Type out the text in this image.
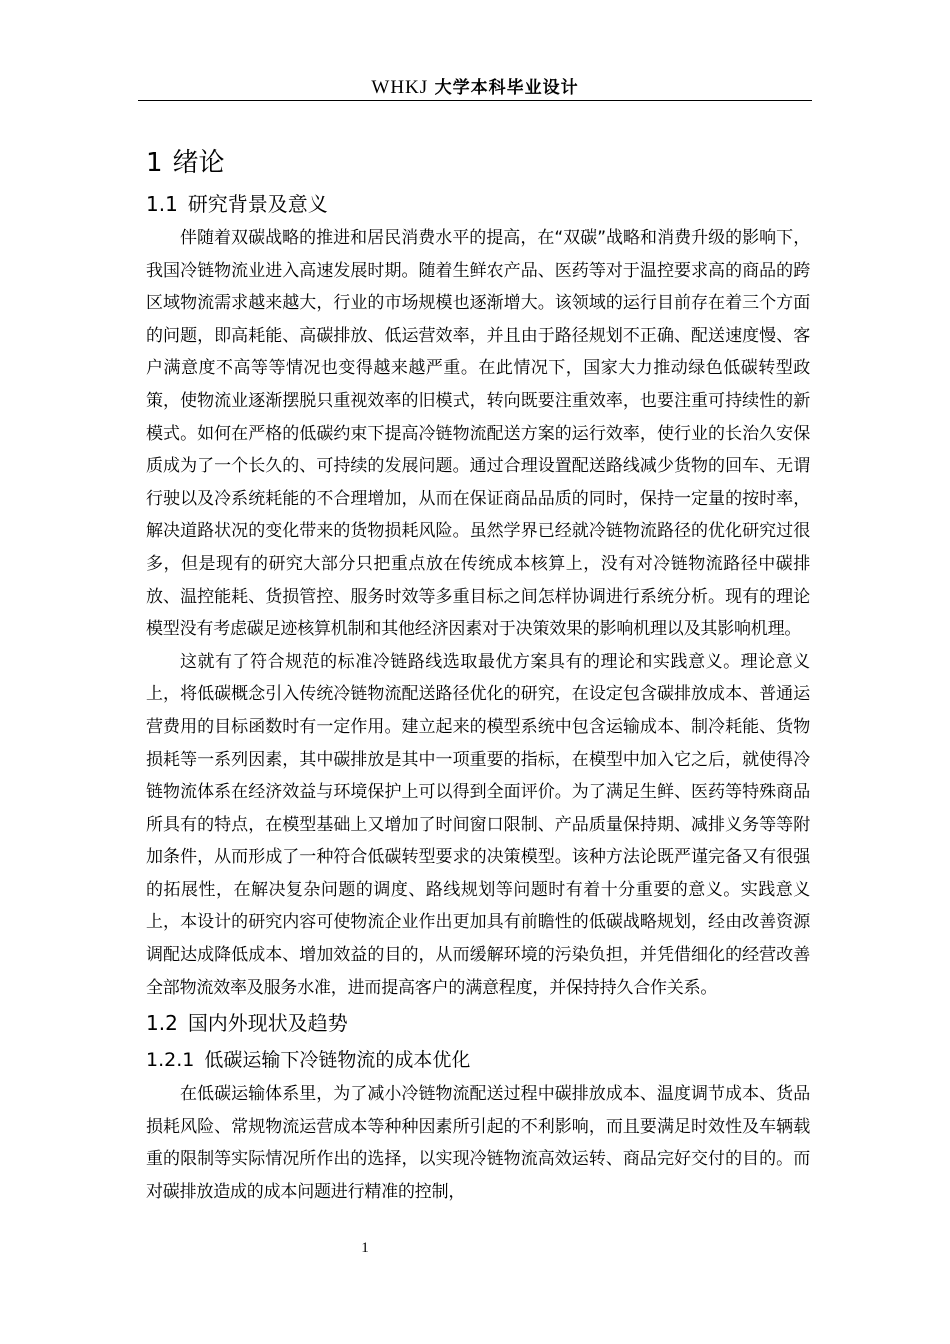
WHKJ 大学本科毕业设计
1 绪论
1.1 研究背景及意义

伴随着双碳战略的推进和居民消费水平的提高，在“双碳”战略和消费升级的影响下，我国冷链物流业进入高速发展时期。随着生鲜农产品、医药等对于温控要求高的商品的跨区域物流需求越来越大，行业的市场规模也逐渐增大。该领域的运行目前存在着三个方面的问题，即高耗能、高碳排放、低运营效率，并且由于路径规划不正确、配送速度慢、客户满意度不高等等情况也变得越来越严重。在此情况下，国家大力推动绿色低碳转型政策，使物流业逐渐摆脱只重视效率的旧模式，转向既要注重效率，也要注重可持续性的新模式。如何在严格的低碳约束下提高冷链物流配送方案的运行效率，使行业的长治久安保质成为了一个长久的、可持续的发展问题。通过合理设置配送路线减少货物的回车、无谓行驶以及冷系统耗能的不合理增加，从而在保证商品品质的同时，保持一定量的按时率，解决道路状况的变化带来的货物损耗风险。虽然学界已经就冷链物流路径的优化研究过很多，但是现有的研究大部分只把重点放在传统成本核算上，没有对冷链物流路径中碳排放、温控能耗、货损管控、服务时效等多重目标之间怎样协调进行系统分析。现有的理论模型没有考虑碳足迹核算机制和其他经济因素对于决策效果的影响机理以及其影响机理。

这就有了符合规范的标准冷链路线选取最优方案具有的理论和实践意义。理论意义上，将低碳概念引入传统冷链物流配送路径优化的研究，在设定包含碳排放成本、普通运营费用的目标函数时有一定作用。建立起来的模型系统中包含运输成本、制冷耗能、货物损耗等一系列因素，其中碳排放是其中一项重要的指标，在模型中加入它之后，就使得冷链物流体系在经济效益与环境保护上可以得到全面评价。为了满足生鲜、医药等特殊商品所具有的特点，在模型基础上又增加了时间窗口限制、产品质量保持期、减排义务等等附加条件，从而形成了一种符合低碳转型要求的决策模型。该种方法论既严谨完备又有很强的拓展性，在解决复杂问题的调度、路线规划等问题时有着十分重要的意义。实践意义上，本设计的研究内容可使物流企业作出更加具有前瞻性的低碳战略规划，经由改善资源调配达成降低成本、增加效益的目的，从而缓解环境的污染负担，并凭借细化的经营改善全部物流效率及服务水准，进而提高客户的满意程度，并保持持久合作关系。

1.2 国内外现状及趋势
1.2.1 低碳运输下冷链物流的成本优化

在低碳运输体系里，为了减小冷链物流配送过程中碳排放成本、温度调节成本、货品损耗风险、常规物流运营成本等种种因素所引起的不利影响，而且要满足时效性及车辆载重的限制等实际情况所作出的选择，以实现冷链物流高效运转、商品完好交付的目的。而对碳排放造成的成本问题进行精准的控制，

1
